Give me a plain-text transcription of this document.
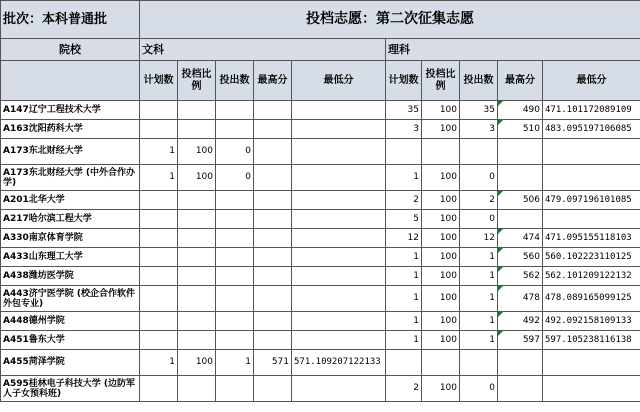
批次：本科普通批	投档志愿：第二次征集志愿									
院校	文科					理科				
	计划数	投档比例	投出数	最高分	最低分	计划数	投档比例	投出数	最高分	最低分
A147辽宁工程技术大学						35	100	35	490	471.101172089109
A163沈阳药科大学						3	100	3	510	483.095197106085
A173东北财经大学	1	100	0							
A173东北财经大学 (中外合作办学)	1	100	0			1	100	0		
A201北华大学						2	100	2	506	479.097196101085
A217哈尔滨工程大学						5	100	0		
A330南京体育学院						12	100	12	474	471.095155118103
A433山东理工大学						1	100	1	560	560.102223110125
A438潍坊医学院						1	100	1	562	562.101209122132
A443济宁医学院 (校企合作软件外包专业)						1	100	1	478	478.089165099125
A448德州学院						1	100	1	492	492.092158109133
A451鲁东大学						1	100	1	597	597.105238116138
A455菏泽学院	1	100	1	571	571.109207122133					
A595桂林电子科技大学 (边防军人子女预科班)						2	100	0		
